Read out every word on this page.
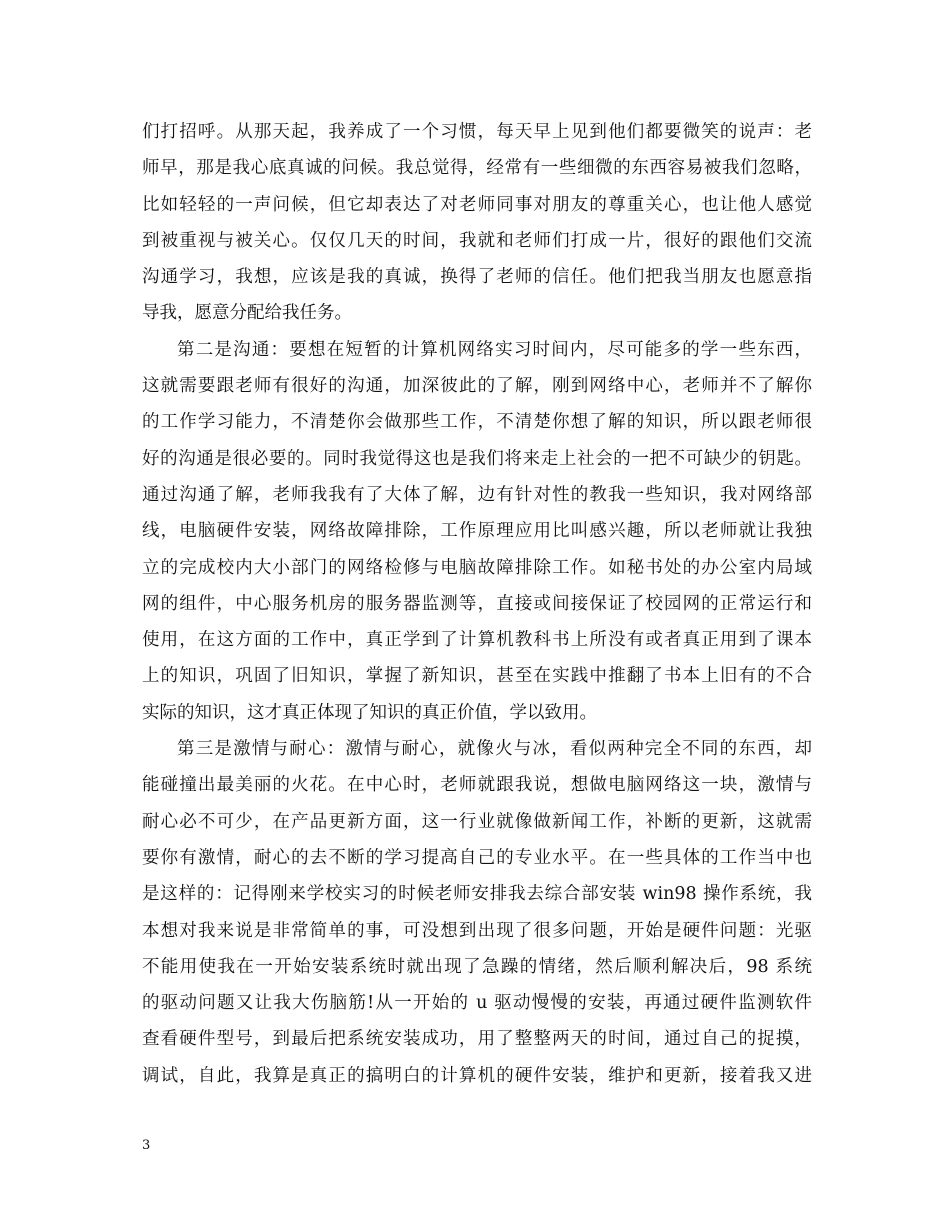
们打招呼。从那天起，我养成了一个习惯，每天早上见到他们都要微笑的说声：老
师早，那是我心底真诚的问候。我总觉得，经常有一些细微的东西容易被我们忽略，
比如轻轻的一声问候，但它却表达了对老师同事对朋友的尊重关心，也让他人感觉
到被重视与被关心。仅仅几天的时间，我就和老师们打成一片，很好的跟他们交流
沟通学习，我想，应该是我的真诚，换得了老师的信任。他们把我当朋友也愿意指
导我，愿意分配给我任务。
第二是沟通：要想在短暂的计算机网络实习时间内，尽可能多的学一些东西，
这就需要跟老师有很好的沟通，加深彼此的了解，刚到网络中心，老师并不了解你
的工作学习能力，不清楚你会做那些工作，不清楚你想了解的知识，所以跟老师很
好的沟通是很必要的。同时我觉得这也是我们将来走上社会的一把不可缺少的钥匙。
通过沟通了解，老师我我有了大体了解，边有针对性的教我一些知识，我对网络部
线，电脑硬件安装，网络故障排除，工作原理应用比叫感兴趣，所以老师就让我独
立的完成校内大小部门的网络检修与电脑故障排除工作。如秘书处的办公室内局域
网的组件，中心服务机房的服务器监测等，直接或间接保证了校园网的正常运行和
使用，在这方面的工作中，真正学到了计算机教科书上所没有或者真正用到了课本
上的知识，巩固了旧知识，掌握了新知识，甚至在实践中推翻了书本上旧有的不合
实际的知识，这才真正体现了知识的真正价值，学以致用。
第三是激情与耐心：激情与耐心，就像火与冰，看似两种完全不同的东西，却
能碰撞出最美丽的火花。在中心时，老师就跟我说，想做电脑网络这一块，激情与
耐心必不可少，在产品更新方面，这一行业就像做新闻工作，补断的更新，这就需
要你有激情，耐心的去不断的学习提高自己的专业水平。在一些具体的工作当中也
是这样的：记得刚来学校实习的时候老师安排我去综合部安装 win98 操作系统，我
本想对我来说是非常简单的事，可没想到出现了很多问题，开始是硬件问题：光驱
不能用使我在一开始安装系统时就出现了急躁的情绪，然后顺利解决后，98 系统
的驱动问题又让我大伤脑筋!从一开始的 u 驱动慢慢的安装，再通过硬件监测软件
查看硬件型号，到最后把系统安装成功，用了整整两天的时间，通过自己的捉摸，
调试，自此，我算是真正的搞明白的计算机的硬件安装，维护和更新，接着我又进
3
